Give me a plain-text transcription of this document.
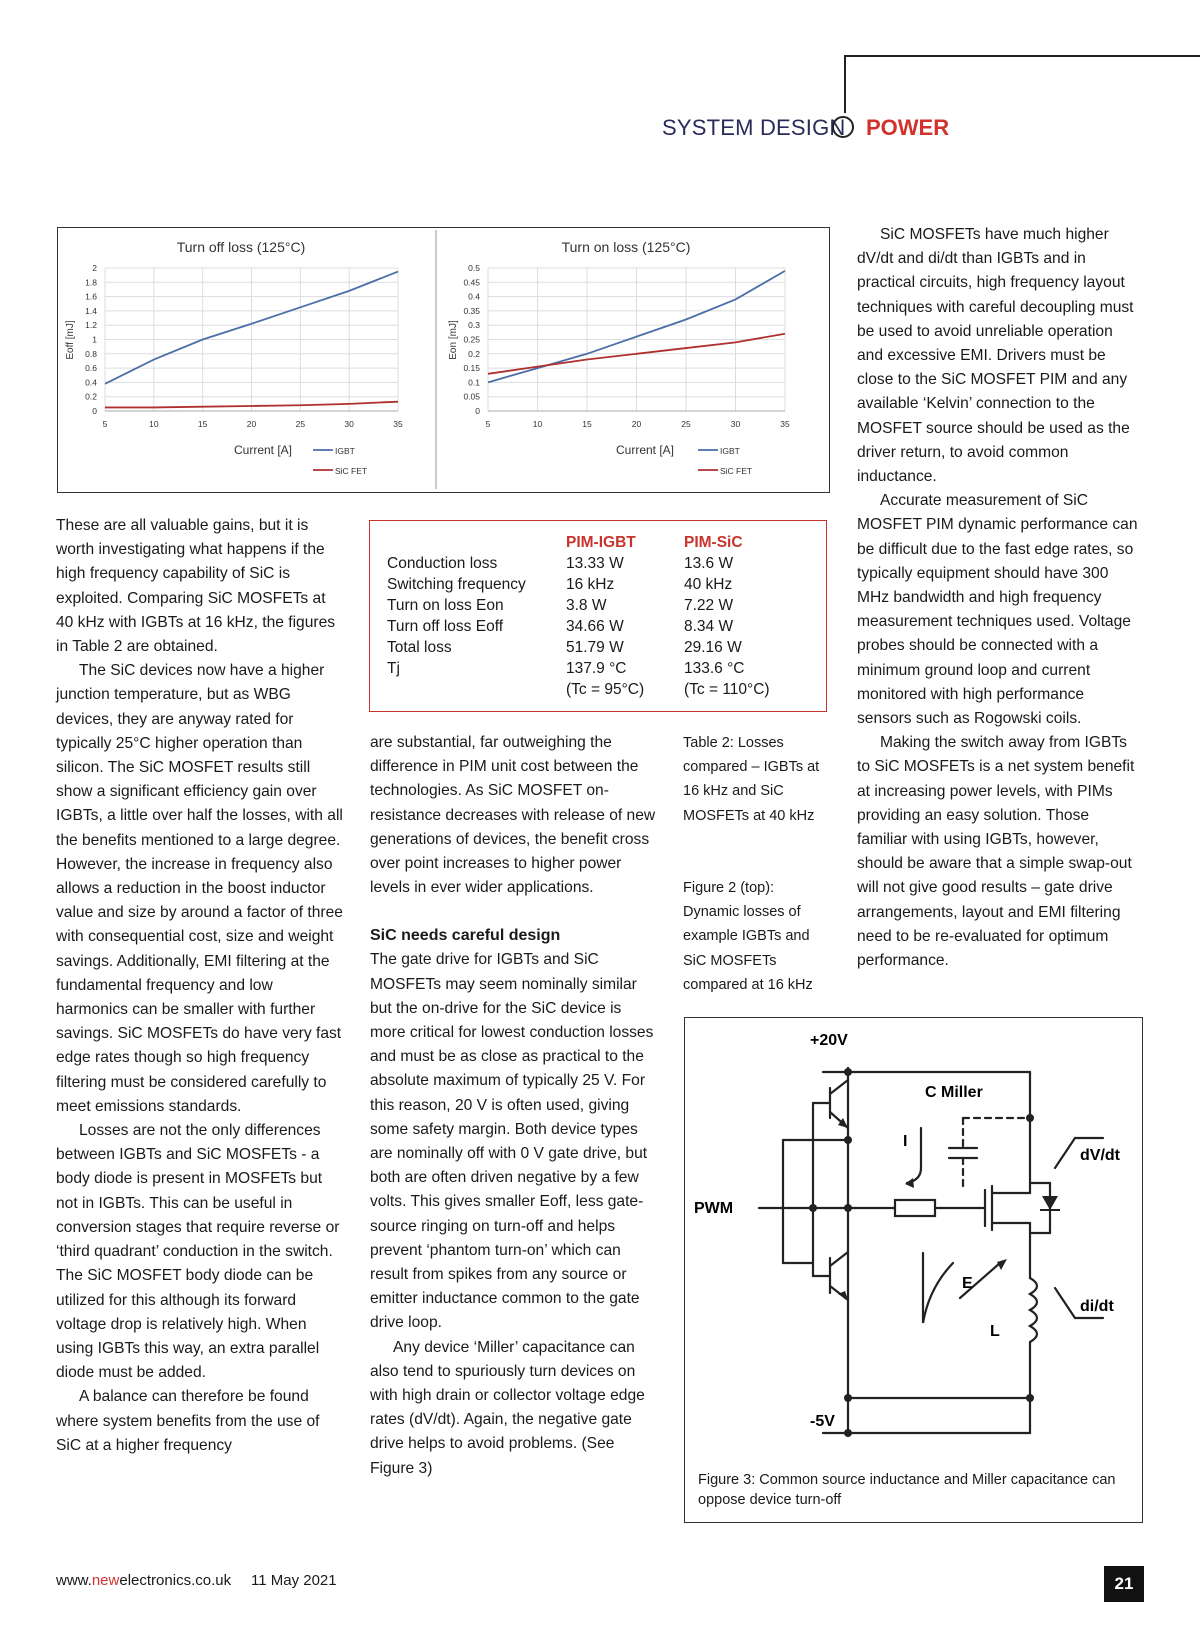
SYSTEM DESIGN POWER
0
0.2
0.4
0.6
0.8
1
1.2
1.4
1.6
1.8
2
5	10	15	20	25	30	35
IGBT
SiC FET
Turn off loss (125°C)
Current [A]
Eoff [mJ]
0
0.05
0.1
0.15
0.2
0.25
0.3
0.35
0.4
0.45
0.5
5	10	15	20	25	30	35
IGBT
SiC FET
Turn on loss (125°C)
Current [A]
Eon [mJ]

These are all valuable gains, but it is worth investigating what happens if the high frequency capability of SiC is exploited. Comparing SiC MOSFETs at 40 kHz with IGBTs at 16 kHz, the figures in Table 2 are obtained.

The SiC devices now have a higher junction temperature, but as WBG devices, they are anyway rated for typically 25°C higher operation than silicon. The SiC MOSFET results still show a significant efficiency gain over IGBTs, a little over half the losses, with all the benefits mentioned to a large degree. However, the increase in frequency also allows a reduction in the boost inductor value and size by around a factor of three with consequential cost, size and weight savings. Additionally, EMI filtering at the fundamental frequency and low harmonics can be smaller with further savings. SiC MOSFETs do have very fast edge rates though so high frequency filtering must be considered carefully to meet emissions standards.

Losses are not the only differences between IGBTs and SiC MOSFETs - a body diode is present in MOSFETs but not in IGBTs. This can be useful in conversion stages that require reverse or ‘third quadrant’ conduction in the switch. The SiC MOSFET body diode can be utilized for this although its forward voltage drop is relatively high. When using IGBTs this way, an extra parallel diode must be added.

A balance can therefore be found where system benefits from the use of SiC at a higher frequency

	PIM-IGBT	PIM-SiC
Conduction loss	13.33 W	13.6 W
Switching frequency	16 kHz	40 kHz
Turn on loss Eon	3.8 W	7.22 W
Turn off loss Eoff	34.66 W	8.34 W
Total loss	51.79 W	29.16 W
Tj	137.9 °C	133.6 °C
	(Tc = 95°C)	(Tc = 110°C)

are substantial, far outweighing the difference in PIM unit cost between the technologies. As SiC MOSFET on-resistance decreases with release of new generations of devices, the benefit cross over point increases to higher power levels in ever wider applications.

SiC needs careful design

The gate drive for IGBTs and SiC MOSFETs may seem nominally similar but the on-drive for the SiC device is more critical for lowest conduction losses and must be as close as practical to the absolute maximum of typically 25 V. For this reason, 20 V is often used, giving some safety margin. Both device types are nominally off with 0 V gate drive, but both are often driven negative by a few volts. This gives smaller Eoff, less gate-source ringing on turn-off and helps prevent ‘phantom turn-on’ which can result from spikes from any source or emitter inductance common to the gate drive loop.

Any device ‘Miller’ capacitance can also tend to spuriously turn devices on with high drain or collector voltage edge rates (dV/dt). Again, the negative gate drive helps to avoid problems. (See Figure 3)

Table 2: Losses compared – IGBTs at 16 kHz and SiC MOSFETs at 40 kHz
Figure 2 (top): Dynamic losses of example IGBTs and SiC MOSFETs compared at 16 kHz

SiC MOSFETs have much higher dV/dt and di/dt than IGBTs and in practical circuits, high frequency layout techniques with careful decoupling must be used to avoid unreliable operation and excessive EMI. Drivers must be close to the SiC MOSFET PIM and any available ‘Kelvin’ connection to the MOSFET source should be used as the driver return, to avoid common inductance.

Accurate measurement of SiC MOSFET PIM dynamic performance can be difficult due to the fast edge rates, so typically equipment should have 300 MHz bandwidth and high frequency measurement techniques used. Voltage probes should be connected with a minimum ground loop and current monitored with high performance sensors such as Rogowski coils.

Making the switch away from IGBTs to SiC MOSFETs is a net system benefit at increasing power levels, with PIMs providing an easy solution. Those familiar with using IGBTs, however, should be aware that a simple swap-out will not give good results – gate drive arrangements, layout and EMI filtering need to be re-evaluated for optimum performance.

+20V
-5V
PWM
C Miller
I
E
L
dV/dt
di/dt
Figure 3: Common source inductance and Miller capacitance can oppose device turn-off
www.newelectronics.co.uk 11 May 2021	21
